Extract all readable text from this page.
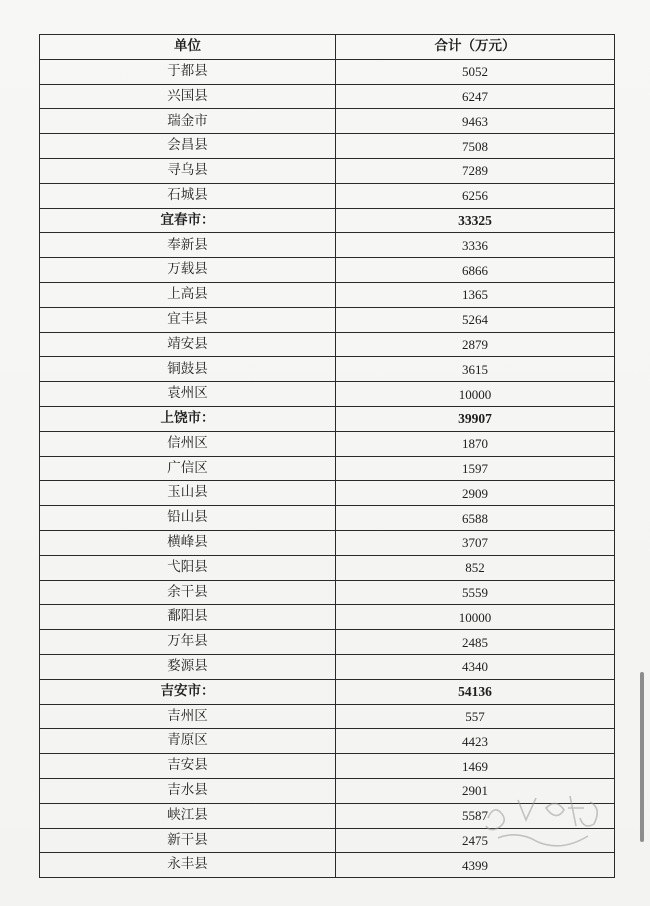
单位	合计（万元）
于都县	5052
兴国县	6247
瑞金市	9463
会昌县	7508
寻乌县	7289
石城县	6256
宜春市：	33325
奉新县	3336
万载县	6866
上高县	1365
宜丰县	5264
靖安县	2879
铜鼓县	3615
袁州区	10000
上饶市：	39907
信州区	1870
广信区	1597
玉山县	2909
铅山县	6588
横峰县	3707
弋阳县	852
余干县	5559
鄱阳县	10000
万年县	2485
婺源县	4340
吉安市：	54136
吉州区	557
青原区	4423
吉安县	1469
吉水县	2901
峡江县	5587
新干县	2475
永丰县	4399
